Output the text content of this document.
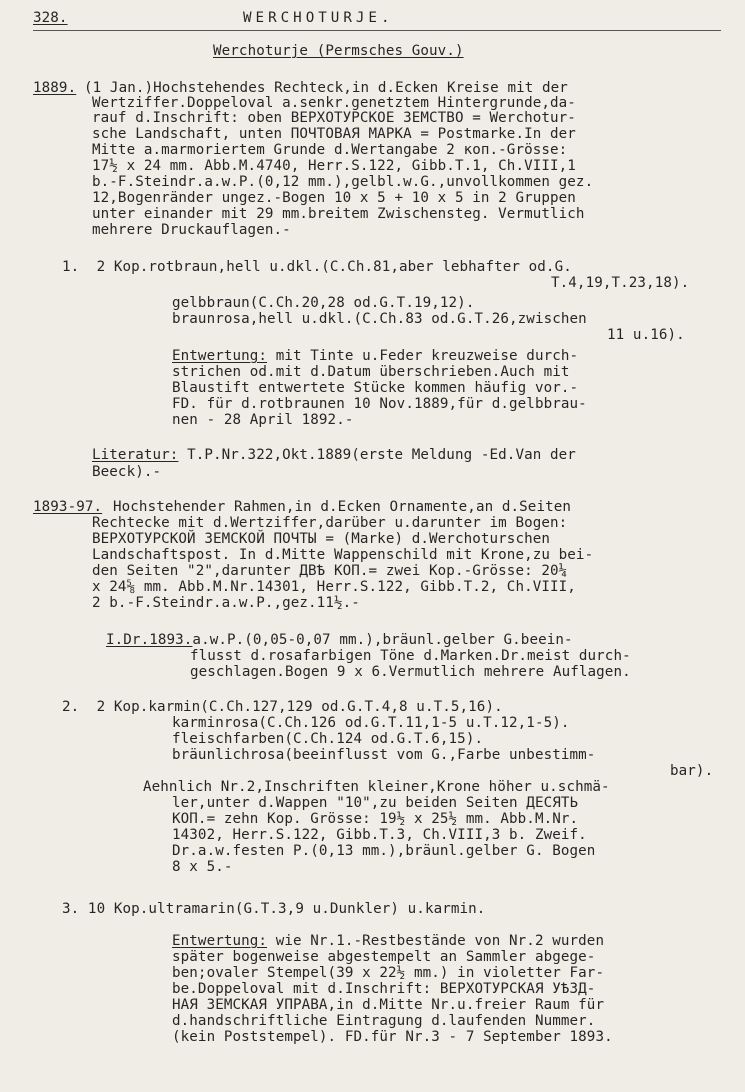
328.	WERCHOTURJE.
Werchoturje (Permsches Gouv.)
1889. (1 Jan.)Hochstehendes Rechteck,in d.Ecken Kreise mit der
Wertziffer.Doppeloval a.senkr.genetztem Hintergrunde,da-
rauf d.Inschrift: oben ВЕРХОТУРСКОЕ ЗЕМСТВО = Werchotur-
sche Landschaft, unten ПОЧТОВАЯ МАРКА = Postmarke.In der
Mitte a.marmoriertem Grunde d.Wertangabe 2 коп.-Grösse:
17½ x 24 mm. Abb.M.4740, Herr.S.122, Gibb.T.1, Ch.VIII,1
b.-F.Steindr.a.w.P.(0,12 mm.),gelbl.w.G.,unvollkommen gez.
12,Bogenränder ungez.-Bogen 10 x 5 + 10 x 5 in 2 Gruppen
unter einander mit 29 mm.breitem Zwischensteg. Vermutlich
mehrere Druckauflagen.-
1.  2 Kop.rotbraun,hell u.dkl.(C.Ch.81,aber lebhafter od.G.
T.4,19,T.23,18).
gelbbraun(C.Ch.20,28 od.G.T.19,12).
braunrosa,hell u.dkl.(C.Ch.83 od.G.T.26,zwischen
11 u.16).
Entwertung: mit Tinte u.Feder kreuzweise durch-
strichen od.mit d.Datum überschrieben.Auch mit
Blaustift entwertete Stücke kommen häufig vor.-
FD. für d.rotbraunen 10 Nov.1889,für d.gelbbrau-
nen - 28 April 1892.-
Literatur: T.P.Nr.322,Okt.1889(erste Meldung -Ed.Van der
Beeck).-
1893-97. Hochstehender Rahmen,in d.Ecken Ornamente,an d.Seiten
Rechtecke mit d.Wertziffer,darüber u.darunter im Bogen:
ВЕРХОТУРСКОЙ ЗЕМСКОЙ ПОЧТЫ = (Marke) d.Werchoturschen
Landschaftspost. In d.Mitte Wappenschild mit Krone,zu bei-
den Seiten "2",darunter ДВѢ КОП.= zwei Kop.-Grösse: 20¼
x 24⅝ mm. Abb.M.Nr.14301, Herr.S.122, Gibb.T.2, Ch.VIII,
2 b.-F.Steindr.a.w.P.,gez.11½.-
I.Dr.1893.a.w.P.(0,05-0,07 mm.),bräunl.gelber G.beein-
flusst d.rosafarbigen Töne d.Marken.Dr.meist durch-
geschlagen.Bogen 9 x 6.Vermutlich mehrere Auflagen.
2.  2 Kop.karmin(C.Ch.127,129 od.G.T.4,8 u.T.5,16).
karminrosa(C.Ch.126 od.G.T.11,1-5 u.T.12,1-5).
fleischfarben(C.Ch.124 od.G.T.6,15).
bräunlichrosa(beeinflusst vom G.,Farbe unbestimm-
bar).
Aehnlich Nr.2,Inschriften kleiner,Krone höher u.schmä-
ler,unter d.Wappen "10",zu beiden Seiten ДЕСЯТЬ
КОП.= zehn Kop. Grösse: 19½ x 25½ mm. Abb.M.Nr.
14302, Herr.S.122, Gibb.T.3, Ch.VIII,3 b. Zweif.
Dr.a.w.festen P.(0,13 mm.),bräunl.gelber G. Bogen
8 x 5.-
3. 10 Kop.ultramarin(G.T.3,9 u.Dunkler) u.karmin.
Entwertung: wie Nr.1.-Restbestände von Nr.2 wurden
später bogenweise abgestempelt an Sammler abgege-
ben;ovaler Stempel(39 x 22½ mm.) in violetter Far-
be.Doppeloval mit d.Inschrift: ВЕРХОТУРСКАЯ УѢЗД-
НАЯ ЗЕМСКАЯ УПРАВА,in d.Mitte Nr.u.freier Raum für
d.handschriftliche Eintragung d.laufenden Nummer.
(kein Poststempel). FD.für Nr.3 - 7 September 1893.
